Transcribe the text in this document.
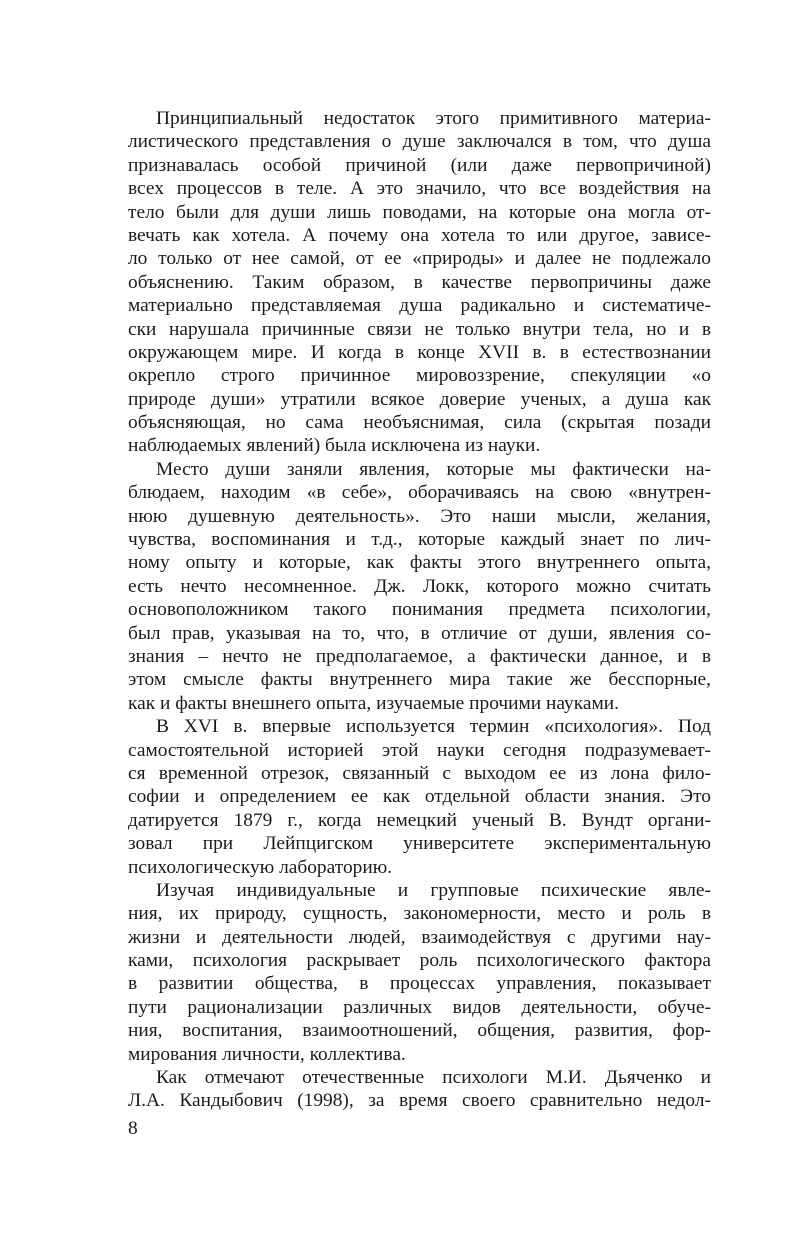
Принципиальный недостаток этого примитивного материа-
листического представления о душе заключался в том, что душа
признавалась особой причиной (или даже первопричиной)
всех процессов в теле. А это значило, что все воздействия на
тело были для души лишь поводами, на которые она могла от-
вечать как хотела. А почему она хотела то или другое, зависе-
ло только от нее самой, от ее «природы» и далее не подлежало
объяснению. Таким образом, в качестве первопричины даже
материально представляемая душа радикально и систематиче-
ски нарушала причинные связи не только внутри тела, но и в
окружающем мире. И когда в конце XVII в. в естествознании
окрепло строго причинное мировоззрение, спекуляции «о
природе души» утратили всякое доверие ученых, а душа как
объясняющая, но сама необъяснимая, сила (скрытая позади
наблюдаемых явлений) была исключена из науки.
Место души заняли явления, которые мы фактически на-
блюдаем, находим «в себе», оборачиваясь на свою «внутрен-
нюю душевную деятельность». Это наши мысли, желания,
чувства, воспоминания и т.д., которые каждый знает по лич-
ному опыту и которые, как факты этого внутреннего опыта,
есть нечто несомненное. Дж. Локк, которого можно считать
основоположником такого понимания предмета психологии,
был прав, указывая на то, что, в отличие от души, явления со-
знания – нечто не предполагаемое, а фактически данное, и в
этом смысле факты внутреннего мира такие же бесспорные,
как и факты внешнего опыта, изучаемые прочими науками.
В XVI в. впервые используется термин «психология». Под
самостоятельной историей этой науки сегодня подразумевает-
ся временной отрезок, связанный с выходом ее из лона фило-
софии и определением ее как отдельной области знания. Это
датируется 1879 г., когда немецкий ученый В. Вундт органи-
зовал при Лейпцигском университете экспериментальную
психологическую лабораторию.
Изучая индивидуальные и групповые психические явле-
ния, их природу, сущность, закономерности, место и роль в
жизни и деятельности людей, взаимодействуя с другими нау-
ками, психология раскрывает роль психологического фактора
в развитии общества, в процессах управления, показывает
пути рационализации различных видов деятельности, обуче-
ния, воспитания, взаимоотношений, общения, развития, фор-
мирования личности, коллектива.
Как отмечают отечественные психологи М.И. Дьяченко и
Л.А. Кандыбович (1998), за время своего сравнительно недол-
8
